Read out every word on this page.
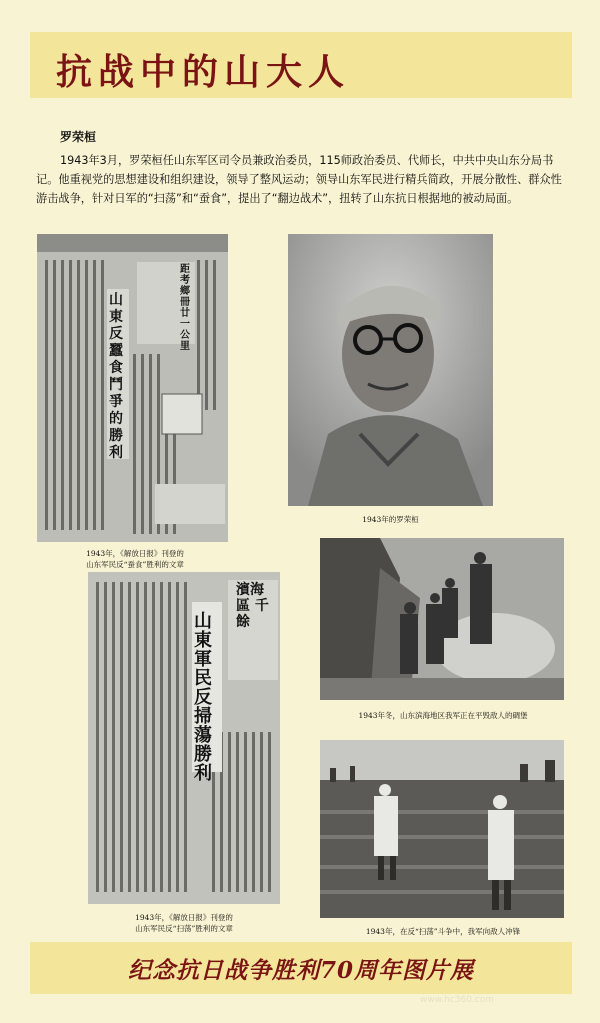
抗战中的山大人
罗荣桓
1943年3月，罗荣桓任山东军区司令员兼政治委员，115师政治委员、代师长，中共中央山东分局书记。他重视党的思想建设和组织建设，领导了整风运动；领导山东军民进行精兵简政，开展分散性、群众性游击战争，针对日军的“扫荡”和“蚕食”，提出了“翻边战术”，扭转了山东抗日根据地的被动局面。
山東反蠶食鬥爭的勝利
距考鄉冊廿一公里
1943年，《解放日报》刊登的
山东军民反“蚕食”胜利的文章
1943年的罗荣桓
山東軍民反掃蕩勝利
濱海區 千餘
1943年，《解放日报》刊登的
山东军民反“扫荡”胜利的文章
1943年冬，山东滨海地区我军正在平毁敌人的碉堡
1943年，在反“扫荡”斗争中，我军向敌人冲锋
纪念抗日战争胜利70周年图片展
www.hc360.com
